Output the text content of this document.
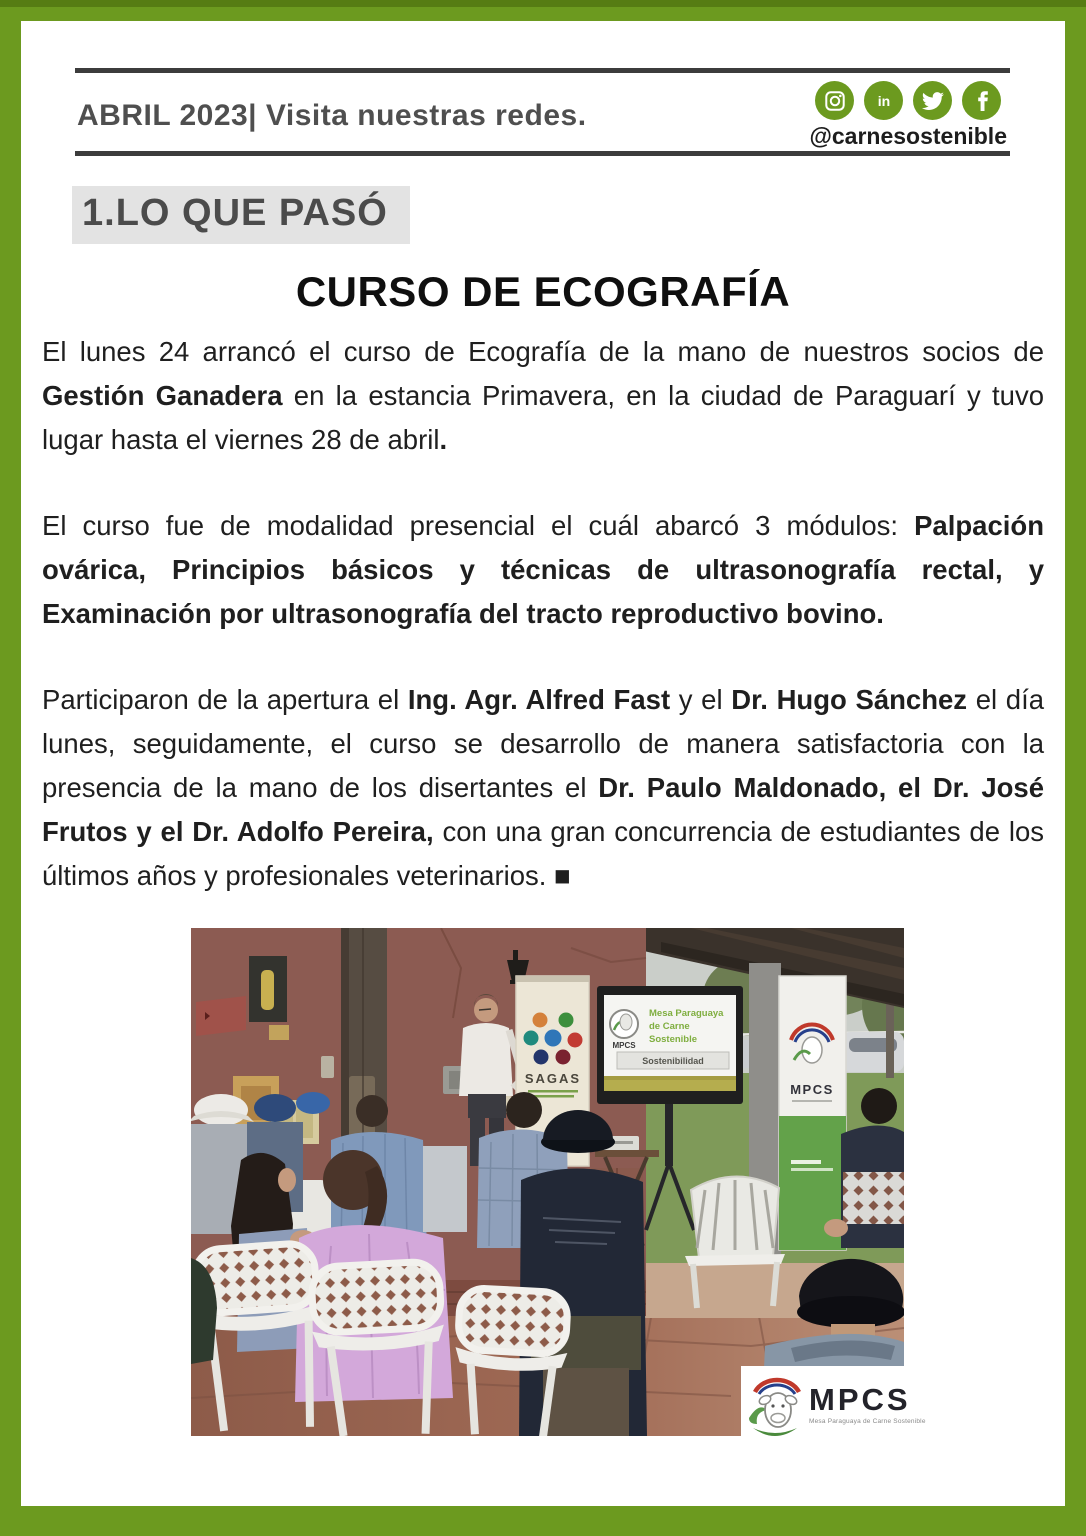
ABRIL 2023| Visita nuestras redes.	in
@carnesostenible
1.LO QUE PASÓ
CURSO DE ECOGRAFÍA

El lunes 24 arrancó el curso de Ecografía de la mano de nuestros socios de Gestión Ganadera en la estancia Primavera, en la ciudad de Paraguarí y tuvo lugar hasta el viernes 28 de abril.

El curso fue de modalidad presencial el cuál abarcó 3 módulos: Palpación ovárica, Principios básicos y técnicas de ultrasonografía rectal, y Examinación por ultrasonografía del tracto reproductivo bovino.

Participaron de la apertura el Ing. Agr. Alfred Fast y el Dr. Hugo Sánchez el día lunes, seguidamente, el curso se desarrollo de manera satisfactoria con la presencia de la mano de los disertantes el Dr. Paulo Maldonado, el Dr. José Frutos y el Dr. Adolfo Pereira, con una gran concurrencia de estudiantes de los últimos años y profesionales veterinarios. ■

SAGAS
MPCS
Mesa Paraguaya
de Carne
Sostenible
Sostenibilidad
MPCS
MPCS
Mesa Paraguaya de Carne Sostenible
